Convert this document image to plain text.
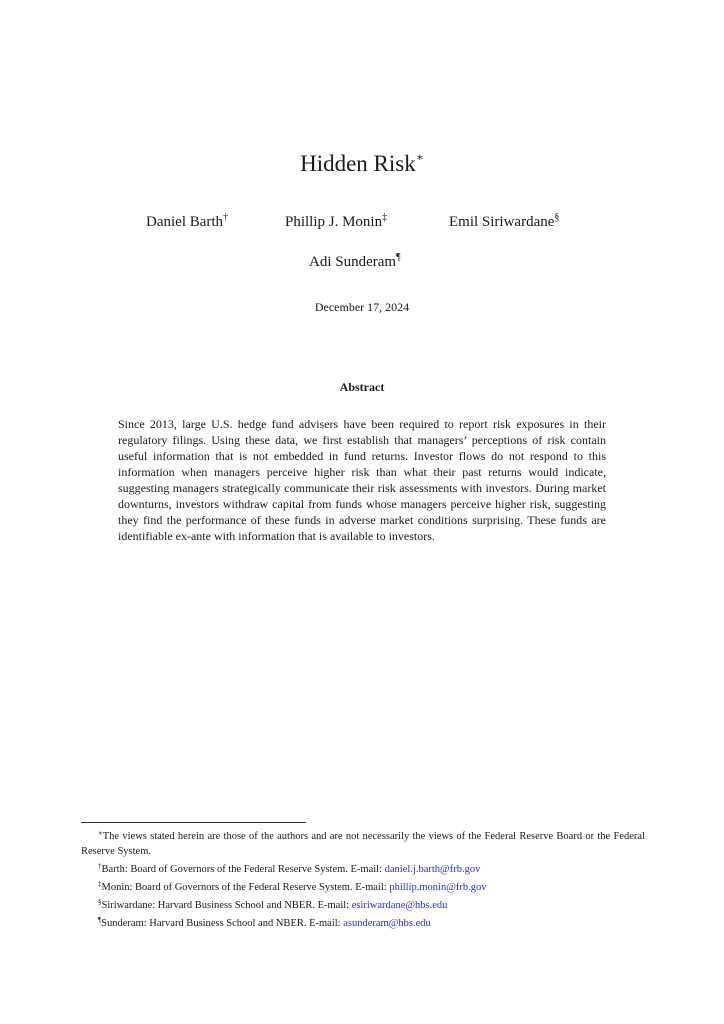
Hidden Risk∗
Daniel Barth†	Phillip J. Monin‡	Emil Siriwardane§
Adi Sunderam¶
December 17, 2024
Abstract
Since 2013, large U.S. hedge fund advisers have been required to report risk exposures in their regulatory filings. Using these data, we first establish that managers’ perceptions of risk contain useful information that is not embedded in fund returns. Investor flows do not respond to this information when managers perceive higher risk than what their past returns would indicate, suggesting managers strategically communicate their risk assessments with investors. During market downturns, investors withdraw capital from funds whose managers perceive higher risk, suggesting they find the performance of these funds in adverse market conditions surprising. These funds are identifiable ex-ante with information that is available to investors.

∗The views stated herein are those of the authors and are not necessarily the views of the Federal Reserve Board or the Federal Reserve System.

†Barth: Board of Governors of the Federal Reserve System. E-mail: daniel.j.barth@frb.gov

‡Monin: Board of Governors of the Federal Reserve System. E-mail: phillip.monin@frb.gov

§Siriwardane: Harvard Business School and NBER. E-mail: esiriwardane@hbs.edu

¶Sunderam: Harvard Business School and NBER. E-mail: asunderam@hbs.edu
